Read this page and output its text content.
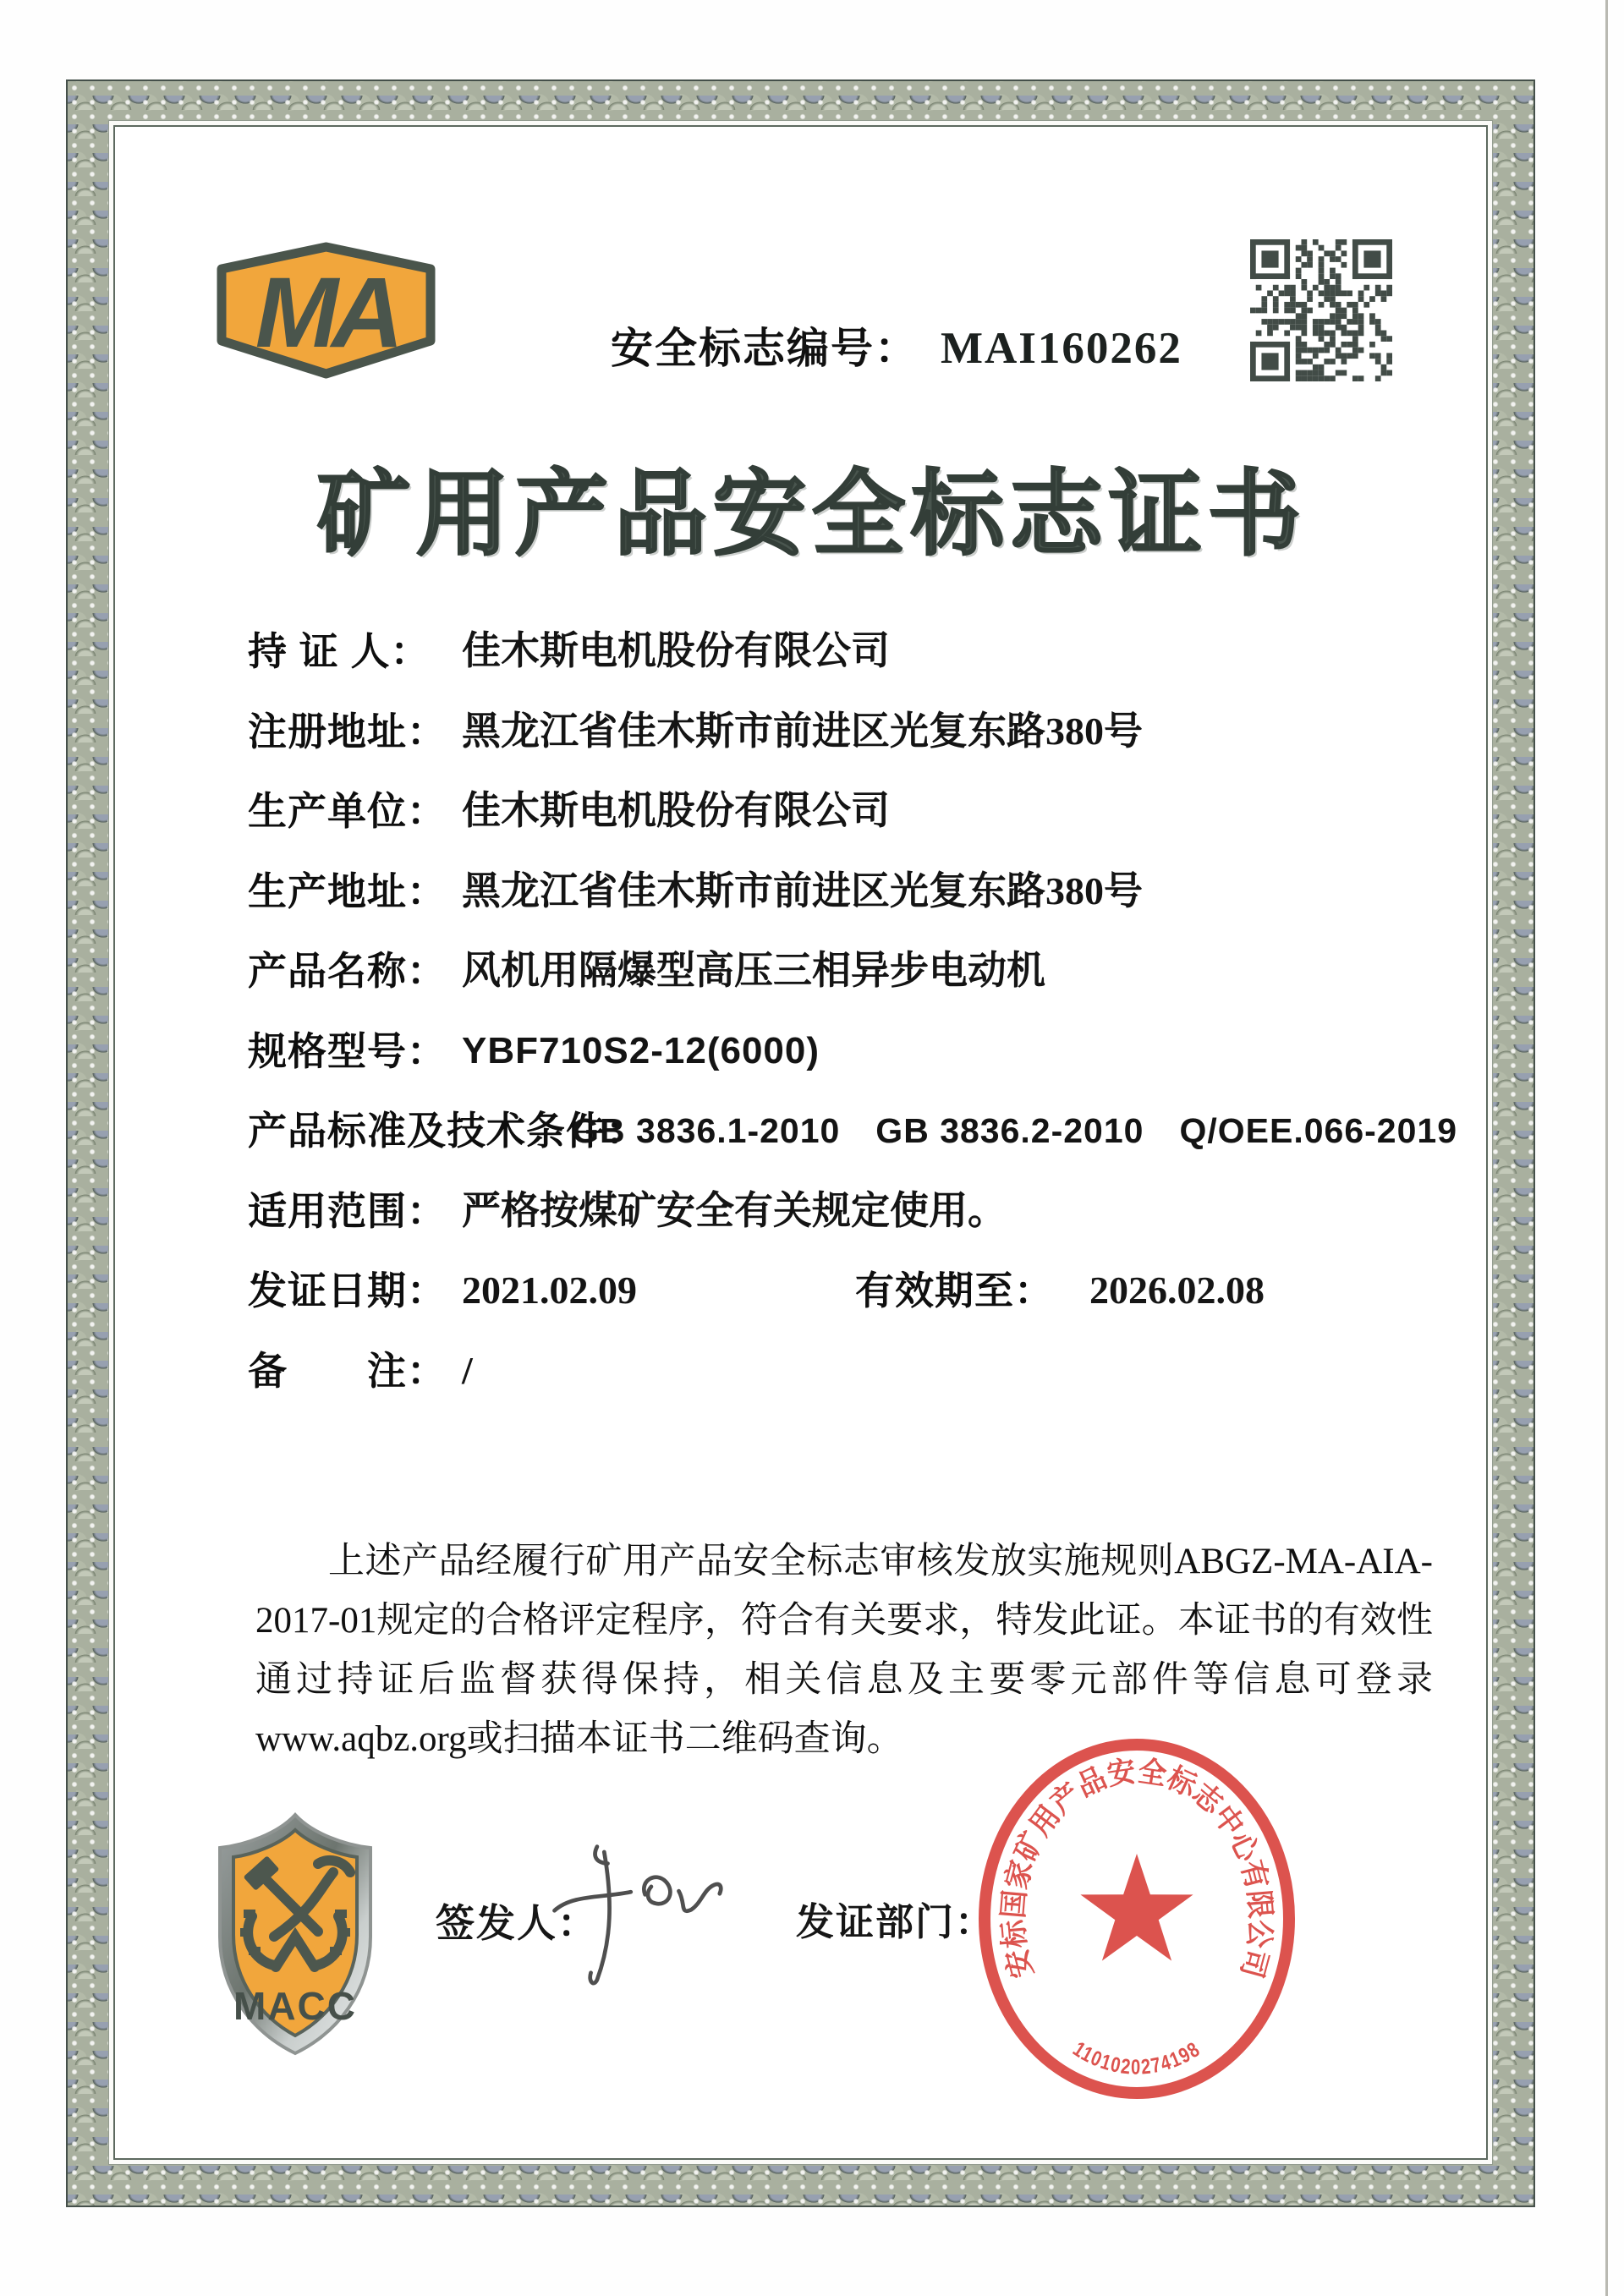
MA	安全标志编号： MAI160262
矿用产品安全标志证书
持 证 人： 佳木斯电机股份有限公司
注册地址： 黑龙江省佳木斯市前进区光复东路380号
生产单位： 佳木斯电机股份有限公司
生产地址： 黑龙江省佳木斯市前进区光复东路380号
产品名称： 风机用隔爆型高压三相异步电动机
规格型号： YBF710S2-12(6000)
产品标准及技术条件：
GB 3836.1-2010　GB 3836.2-2010　Q/OEE.066-2019
适用范围： 严格按煤矿安全有关规定使用。
发证日期： 2021.02.09	有效期至： 2026.02.08
备　　注： /
上述产品经履行矿用产品安全标志审核发放实施规则ABGZ-MA-AIA-2017-01规定的合格评定程序，符合有关要求，特发此证。本证书的有效性通过持证后监督获得保持，相关信息及主要零元部件等信息可登录www.aqbz.org或扫描本证书二维码查询。
MACC
签发人：	发证部门：
安标国家矿用产品安全标志中心有限公司
1101020274198
